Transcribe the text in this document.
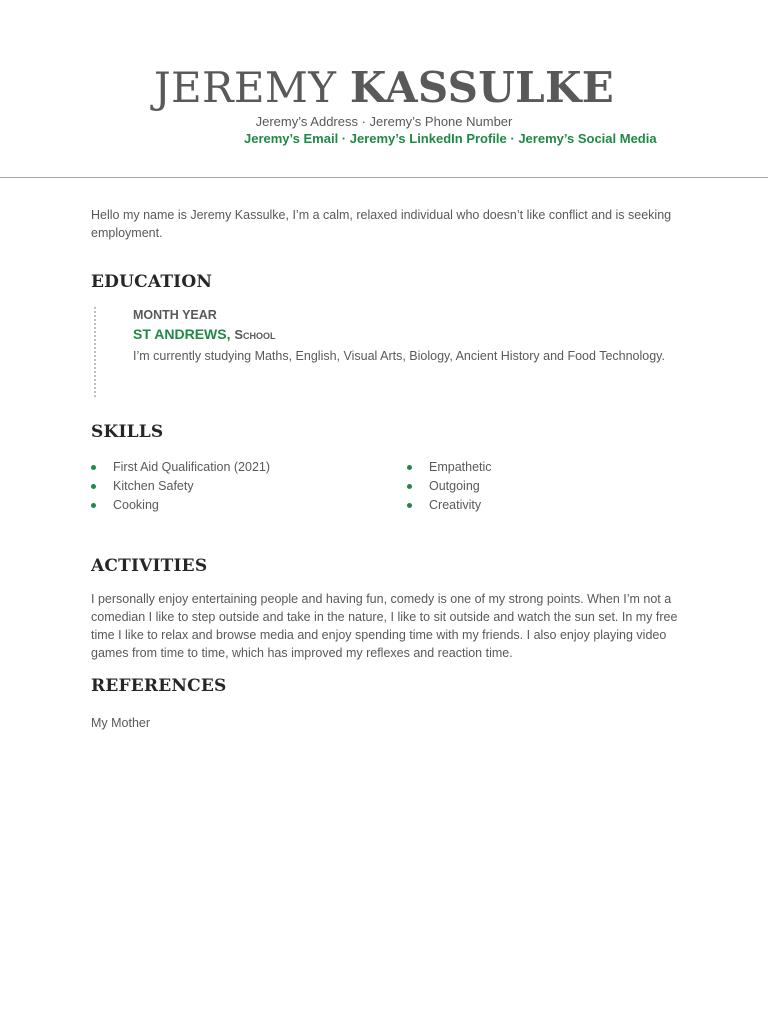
JEREMY KASSULKE
Jeremy’s Address · Jeremy’s Phone Number
Jeremy’s Email · Jeremy’s LinkedIn Profile · Jeremy’s Social Media
Hello my name is Jeremy Kassulke, I’m a calm, relaxed individual who doesn’t like conflict and is seeking employment.
EDUCATION
MONTH YEAR
ST ANDREWS, School
I’m currently studying Maths, English, Visual Arts, Biology, Ancient History and Food Technology.
SKILLS
First Aid Qualification (2021)
Kitchen Safety
Cooking
Empathetic
Outgoing
Creativity
ACTIVITIES
I personally enjoy entertaining people and having fun, comedy is one of my strong points. When I’m not a comedian I like to step outside and take in the nature, I like to sit outside and watch the sun set. In my free time I like to relax and browse media and enjoy spending time with my friends. I also enjoy playing video games from time to time, which has improved my reflexes and reaction time.
REFERENCES
My Mother
